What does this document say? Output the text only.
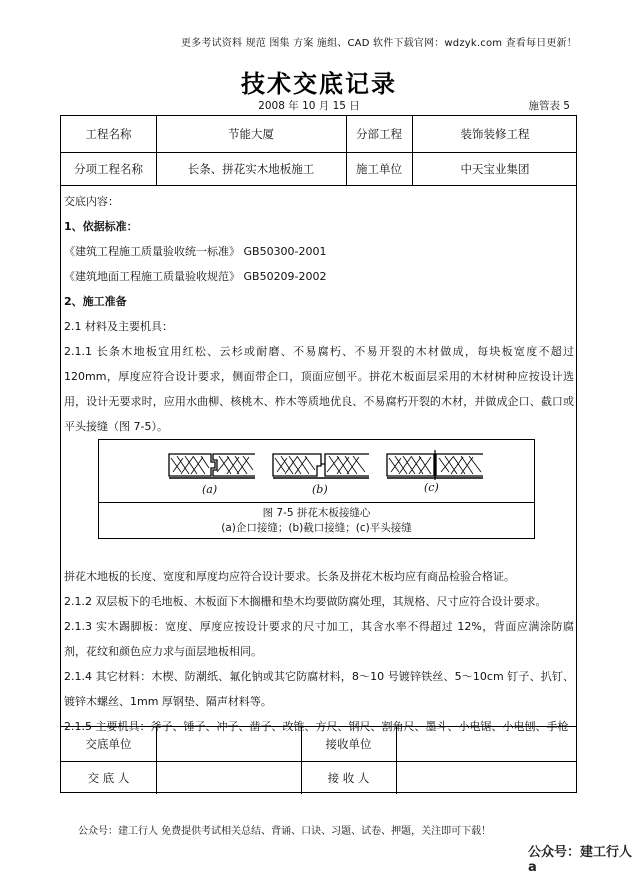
更多考试资料 规范 图集 方案 施组、CAD 软件下载官网：wdzyk.com 查看每日更新！
技术交底记录
2008 年 10 月 15 日	施管表 5
工程名称	节能大厦	分部工程	装饰装修工程
分项工程名称	长条、拼花实木地板施工	施工单位	中天宝业集团

交底内容：

1、依据标准：

《建筑工程施工质量验收统一标准》 GB50300-2001

《建筑地面工程施工质量验收规范》 GB50209-2002

2、施工准备

2.1 材料及主要机具：

2.1.1 长条木地板宜用红松、云杉或耐磨、不易腐朽、不易开裂的木材做成，每块板宽度不超过 120mm，厚度应符合设计要求，侧面带企口，顶面应刨平。拼花木板面层采用的木材树种应按设计选用，设计无要求时，应用水曲柳、核桃木、柞木等质地优良、不易腐朽开裂的木材，并做成企口、截口或平头接缝（图 7-5）。

拼花木地板的长度、宽度和厚度均应符合设计要求。长条及拼花木板均应有商品检验合格证。

2.1.2 双层板下的毛地板、木板面下木搁栅和垫木均要做防腐处理，其规格、尺寸应符合设计要求。

2.1.3 实木踢脚板：宽度、厚度应按设计要求的尺寸加工，其含水率不得超过 12%，背面应满涂防腐剂，花纹和颜色应力求与面层地板相同。

2.1.4 其它材料：木楔、防潮纸、氟化钠或其它防腐材料，8～10 号镀锌铁丝、5～10cm 钉子、扒钉、镀锌木螺丝、1mm 厚钢垫、隔声材料等。

2.1.5 主要机具：斧子、锤子、冲子、凿子、改锥、方尺、钢尺、割角尺、墨斗、小电锯、小电刨、手枪

(a)	(b)	(c)
图 7-5 拼花木板接缝心
(a)企口接缝；(b)截口接缝；(c)平头接缝
交底单位	接收单位
交 底 人	接 收 人
公众号：建工行人 免费提供考试相关总结、背诵、口诀、习题、试卷、押题，关注即可下载！
公众号：建工行人a
